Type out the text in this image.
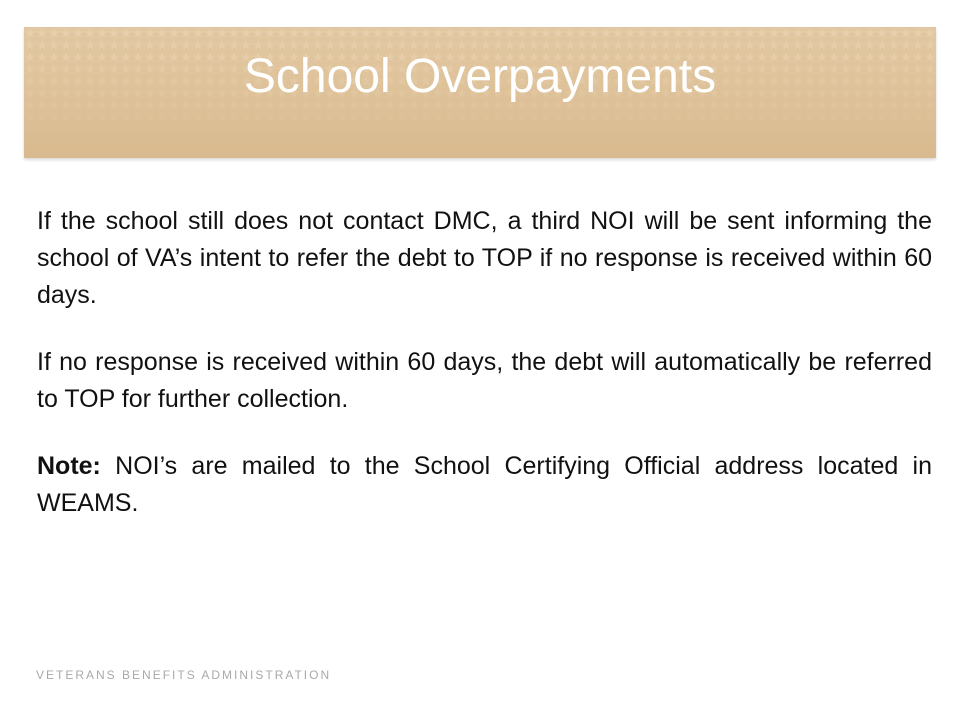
School Overpayments

If the school still does not contact DMC, a third NOI will be sent informing the school of VA’s intent to refer the debt to TOP if no response is received within 60 days.

If no response is received within 60 days, the debt will automatically be referred to TOP for further collection.

Note: NOI’s are mailed to the School Certifying Official address located in WEAMS.

VETERANS BENEFITS ADMINISTRATION
